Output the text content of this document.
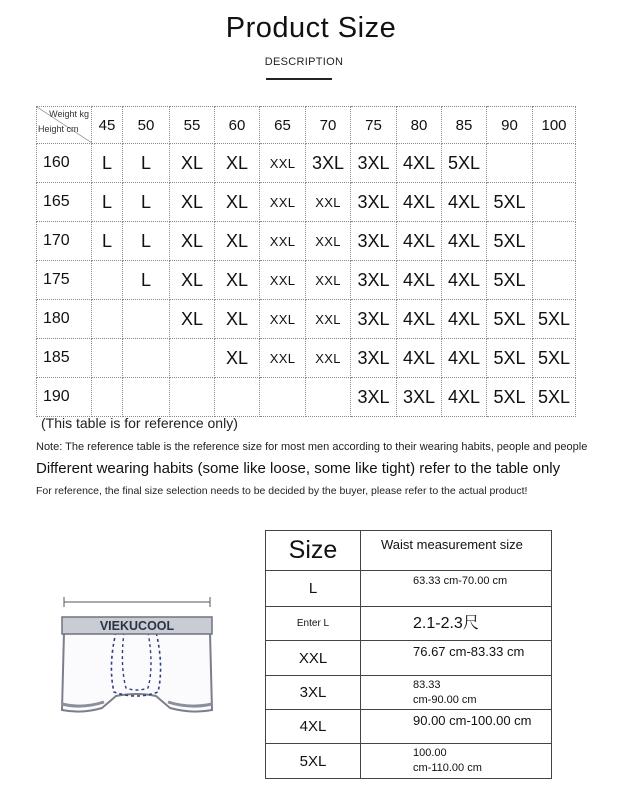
Product Size
DESCRIPTION
Weight kg
Height cm	45	50	55	60	65	70	75	80	85	90	100
160	L	L	XL	XL	XXL	3XL	3XL	4XL	5XL		
165	L	L	XL	XL	XXL	XXL	3XL	4XL	4XL	5XL	
170	L	L	XL	XL	XXL	XXL	3XL	4XL	4XL	5XL	
175		L	XL	XL	XXL	XXL	3XL	4XL	4XL	5XL	
180			XL	XL	XXL	XXL	3XL	4XL	4XL	5XL	5XL
185				XL	XXL	XXL	3XL	4XL	4XL	5XL	5XL
190							3XL	3XL	4XL	5XL	5XL
(This table is for reference only)
Note: The reference table is the reference size for most men according to their wearing habits, people and people
Different wearing habits (some like loose, some like tight) refer to the table only
For reference, the final size selection needs to be decided by the buyer, please refer to the actual product!
VIEKUCOOL
Size	Waist measurement size
L	63.33 cm-70.00 cm
Enter L	2.1-2.3尺
XXL	76.67 cm-83.33 cm
3XL	83.33
cm-90.00 cm
4XL	90.00 cm-100.00 cm
5XL	100.00
cm-110.00 cm
